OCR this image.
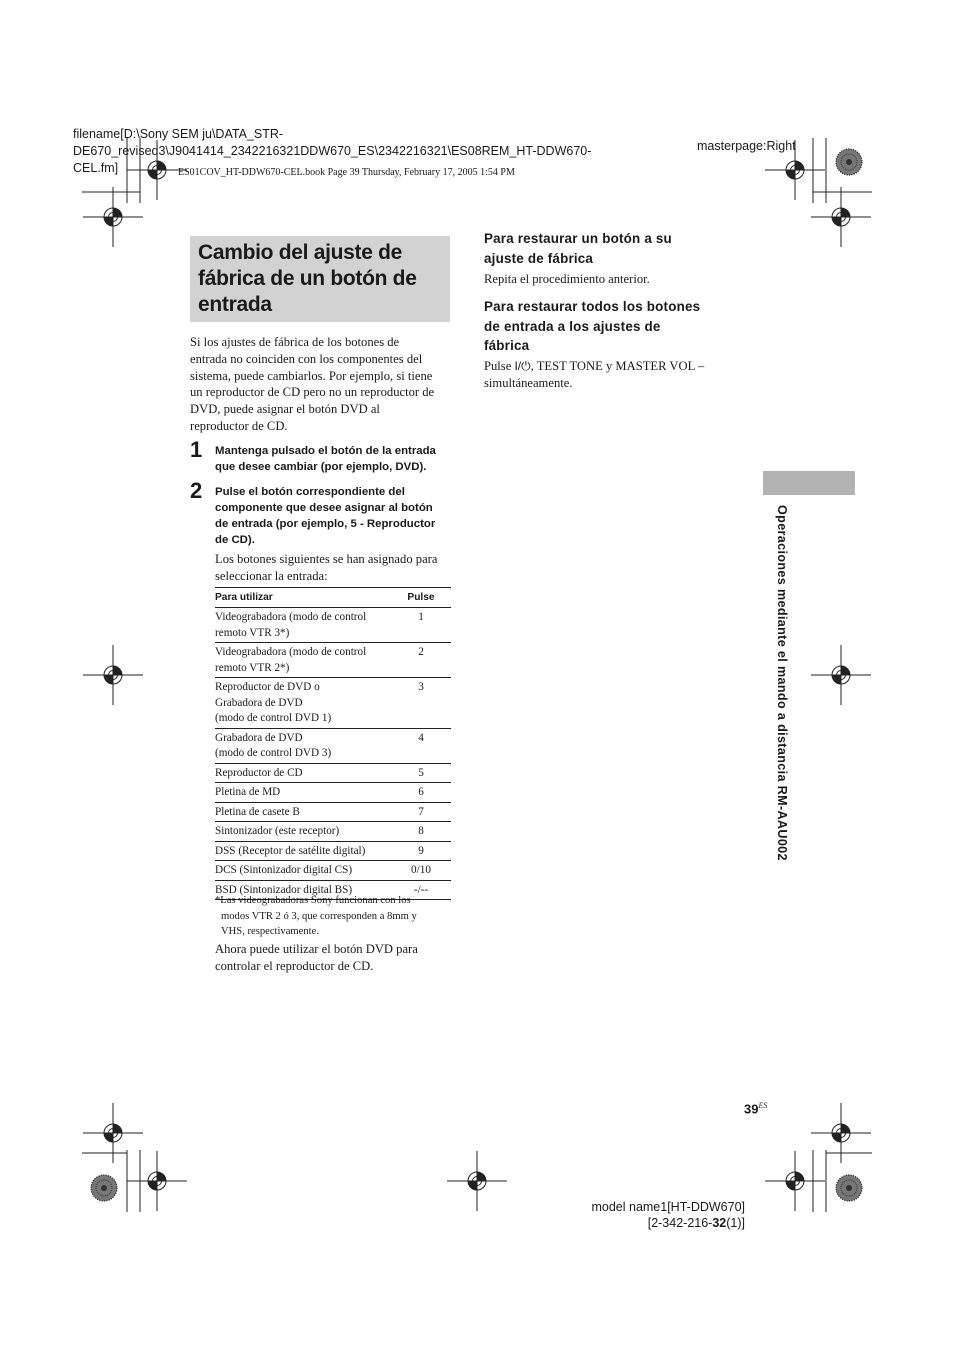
filename[D:\Sony SEM ju\DATA_STR-
DE670_revised3\J9041414_2342216321DDW670_ES\2342216321\ES08REM_HT-DDW670-
CEL.fm]
masterpage:Right
ES01COV_HT-DDW670-CEL.book Page 39 Thursday, February 17, 2005 1:54 PM
Cambio del ajuste de
fábrica de un botón de
entrada
Si los ajustes de fábrica de los botones de
entrada no coinciden con los componentes del
sistema, puede cambiarlos. Por ejemplo, si tiene
un reproductor de CD pero no un reproductor de
DVD, puede asignar el botón DVD al
reproductor de CD.
1 Mantenga pulsado el botón de la entrada
que desee cambiar (por ejemplo, DVD).
2 Pulse el botón correspondiente del
componente que desee asignar al botón
de entrada (por ejemplo, 5 - Reproductor
de CD).
Los botones siguientes se han asignado para
seleccionar la entrada:
Para utilizar	Pulse

Videograbadora (modo de control
remoto VTR 3*)	1

Videograbadora (modo de control
remoto VTR 2*)	2

Reproductor de DVD o
Grabadora de DVD
(modo de control DVD 1)	3

Grabadora de DVD
(modo de control DVD 3)	4
Reproductor de CD	5
Pletina de MD	6
Pletina de casete B	7
Sintonizador (este receptor)	8
DSS (Receptor de satélite digital)	9
DCS (Sintonizador digital CS)	0/10
BSD (Sintonizador digital BS)	-/--
*Las videograbadoras Sony funcionan con los
modos VTR 2 ó 3, que corresponden a 8mm y
VHS, respectivamente.
Ahora puede utilizar el botón DVD para
controlar el reproductor de CD.
Para restaurar un botón a su
ajuste de fábrica
Repita el procedimiento anterior.
Para restaurar todos los botones
de entrada a los ajustes de
fábrica
Pulse I/⏻, TEST TONE y MASTER VOL –
simultáneamente.
Operaciones mediante el mando a distancia RM-AAU002
$39^{ES}$
model name1[HT-DDW670]
[2-342-216-32(1)]
